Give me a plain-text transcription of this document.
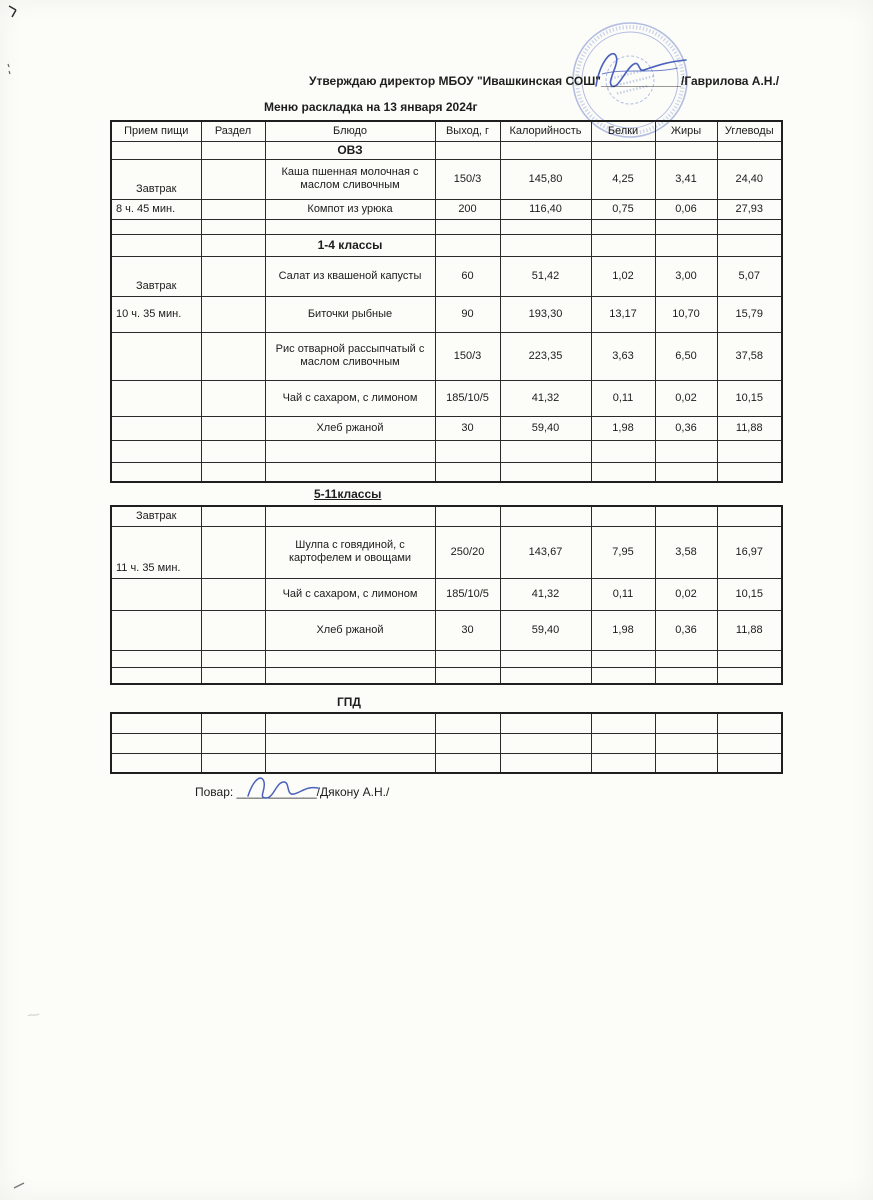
Утверждаю директор МБОУ "Ивашкинская СОШ"____________/Гаврилова А.Н./
Меню раскладка на 13 января 2024г
Прием пищи	Раздел	Блюдо	Выход, г	Калорийность	Белки	Жиры	Углеводы
		ОВЗ					
Завтрак		Каша пшенная молочная с маслом сливочным	150/3	145,80	4,25	3,41	24,40
8 ч. 45 мин.		Компот из урюка	200	116,40	0,75	0,06	27,93

		1-4 классы					
Завтрак		Салат из квашеной капусты	60	51,42	1,02	3,00	5,07
10 ч. 35 мин.		Биточки рыбные	90	193,30	13,17	10,70	15,79
		Рис отварной рассыпчатый с маслом сливочным	150/3	223,35	3,63	6,50	37,58
		Чай с сахаром, с лимоном	185/10/5	41,32	0,11	0,02	10,15
		Хлеб ржаной	30	59,40	1,98	0,36	11,88

5-11классы
Завтрак							
11 ч. 35 мин.		Шулпа с говядиной, с картофелем и овощами	250/20	143,67	7,95	3,58	16,97
		Чай с сахаром, с лимоном	185/10/5	41,32	0,11	0,02	10,15
		Хлеб ржаной	30	59,40	1,98	0,36	11,88

ГПД

Повар: ____________/Дякону А.Н./
